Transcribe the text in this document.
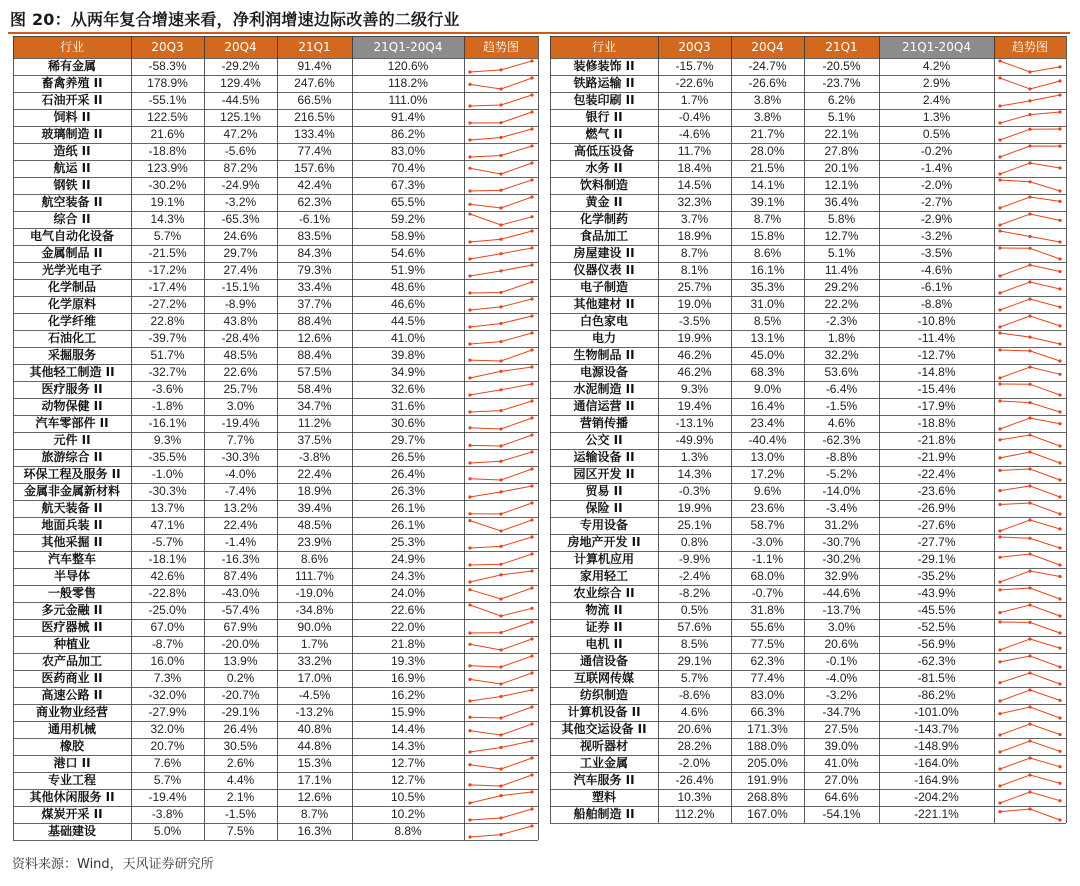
图 20：从两年复合增速来看，净利润增速边际改善的二级行业
行业	20Q3	20Q4	21Q1	21Q1-20Q4	趋势图
稀有金属	-58.3%	-29.2%	91.4%	120.6%
畜禽养殖 II	178.9%	129.4%	247.6%	118.2%
石油开采 II	-55.1%	-44.5%	66.5%	111.0%
饲料 II	122.5%	125.1%	216.5%	91.4%
玻璃制造 II	21.6%	47.2%	133.4%	86.2%
造纸 II	-18.8%	-5.6%	77.4%	83.0%
航运 II	123.9%	87.2%	157.6%	70.4%
钢铁 II	-30.2%	-24.9%	42.4%	67.3%
航空装备 II	19.1%	-3.2%	62.3%	65.5%
综合 II	14.3%	-65.3%	-6.1%	59.2%
电气自动化设备	5.7%	24.6%	83.5%	58.9%
金属制品 II	-21.5%	29.7%	84.3%	54.6%
光学光电子	-17.2%	27.4%	79.3%	51.9%
化学制品	-17.4%	-15.1%	33.4%	48.6%
化学原料	-27.2%	-8.9%	37.7%	46.6%
化学纤维	22.8%	43.8%	88.4%	44.5%
石油化工	-39.7%	-28.4%	12.6%	41.0%
采掘服务	51.7%	48.5%	88.4%	39.8%
其他轻工制造 II	-32.7%	22.6%	57.5%	34.9%
医疗服务 II	-3.6%	25.7%	58.4%	32.6%
动物保健 II	-1.8%	3.0%	34.7%	31.6%
汽车零部件 II	-16.1%	-19.4%	11.2%	30.6%
元件 II	9.3%	7.7%	37.5%	29.7%
旅游综合 II	-35.5%	-30.3%	-3.8%	26.5%
环保工程及服务 II	-1.0%	-4.0%	22.4%	26.4%
金属非金属新材料	-30.3%	-7.4%	18.9%	26.3%
航天装备 II	13.7%	13.2%	39.4%	26.1%
地面兵装 II	47.1%	22.4%	48.5%	26.1%
其他采掘 II	-5.7%	-1.4%	23.9%	25.3%
汽车整车	-18.1%	-16.3%	8.6%	24.9%
半导体	42.6%	87.4%	111.7%	24.3%
一般零售	-22.8%	-43.0%	-19.0%	24.0%
多元金融 II	-25.0%	-57.4%	-34.8%	22.6%
医疗器械 II	67.0%	67.9%	90.0%	22.0%
种植业	-8.7%	-20.0%	1.7%	21.8%
农产品加工	16.0%	13.9%	33.2%	19.3%
医药商业 II	7.3%	0.2%	17.0%	16.9%
高速公路 II	-32.0%	-20.7%	-4.5%	16.2%
商业物业经营	-27.9%	-29.1%	-13.2%	15.9%
通用机械	32.0%	26.4%	40.8%	14.4%
橡胶	20.7%	30.5%	44.8%	14.3%
港口 II	7.6%	2.6%	15.3%	12.7%
专业工程	5.7%	4.4%	17.1%	12.7%
其他休闲服务 II	-19.4%	2.1%	12.6%	10.5%
煤炭开采 II	-3.8%	-1.5%	8.7%	10.2%
基础建设	5.0%	7.5%	16.3%	8.8%
行业	20Q3	20Q4	21Q1	21Q1-20Q4	趋势图
装修装饰 II	-15.7%	-24.7%	-20.5%	4.2%
铁路运输 II	-22.6%	-26.6%	-23.7%	2.9%
包装印刷 II	1.7%	3.8%	6.2%	2.4%
银行 II	-0.4%	3.8%	5.1%	1.3%
燃气 II	-4.6%	21.7%	22.1%	0.5%
高低压设备	11.7%	28.0%	27.8%	-0.2%
水务 II	18.4%	21.5%	20.1%	-1.4%
饮料制造	14.5%	14.1%	12.1%	-2.0%
黄金 II	32.3%	39.1%	36.4%	-2.7%
化学制药	3.7%	8.7%	5.8%	-2.9%
食品加工	18.9%	15.8%	12.7%	-3.2%
房屋建设 II	8.7%	8.6%	5.1%	-3.5%
仪器仪表 II	8.1%	16.1%	11.4%	-4.6%
电子制造	25.7%	35.3%	29.2%	-6.1%
其他建材 II	19.0%	31.0%	22.2%	-8.8%
白色家电	-3.5%	8.5%	-2.3%	-10.8%
电力	19.9%	13.1%	1.8%	-11.4%
生物制品 II	46.2%	45.0%	32.2%	-12.7%
电源设备	46.2%	68.3%	53.6%	-14.8%
水泥制造 II	9.3%	9.0%	-6.4%	-15.4%
通信运营 II	19.4%	16.4%	-1.5%	-17.9%
营销传播	-13.1%	23.4%	4.6%	-18.8%
公交 II	-49.9%	-40.4%	-62.3%	-21.8%
运输设备 II	1.3%	13.0%	-8.8%	-21.9%
园区开发 II	14.3%	17.2%	-5.2%	-22.4%
贸易 II	-0.3%	9.6%	-14.0%	-23.6%
保险 II	19.9%	23.6%	-3.4%	-26.9%
专用设备	25.1%	58.7%	31.2%	-27.6%
房地产开发 II	0.8%	-3.0%	-30.7%	-27.7%
计算机应用	-9.9%	-1.1%	-30.2%	-29.1%
家用轻工	-2.4%	68.0%	32.9%	-35.2%
农业综合 II	-8.2%	-0.7%	-44.6%	-43.9%
物流 II	0.5%	31.8%	-13.7%	-45.5%
证券 II	57.6%	55.6%	3.0%	-52.5%
电机 II	8.5%	77.5%	20.6%	-56.9%
通信设备	29.1%	62.3%	-0.1%	-62.3%
互联网传媒	5.7%	77.4%	-4.0%	-81.5%
纺织制造	-8.6%	83.0%	-3.2%	-86.2%
计算机设备 II	4.6%	66.3%	-34.7%	-101.0%
其他交运设备 II	20.6%	171.3%	27.5%	-143.7%
视听器材	28.2%	188.0%	39.0%	-148.9%
工业金属	-2.0%	205.0%	41.0%	-164.0%
汽车服务 II	-26.4%	191.9%	27.0%	-164.9%
塑料	10.3%	268.8%	64.6%	-204.2%
船舶制造 II	112.2%	167.0%	-54.1%	-221.1%
资料来源：Wind，天风证券研究所
